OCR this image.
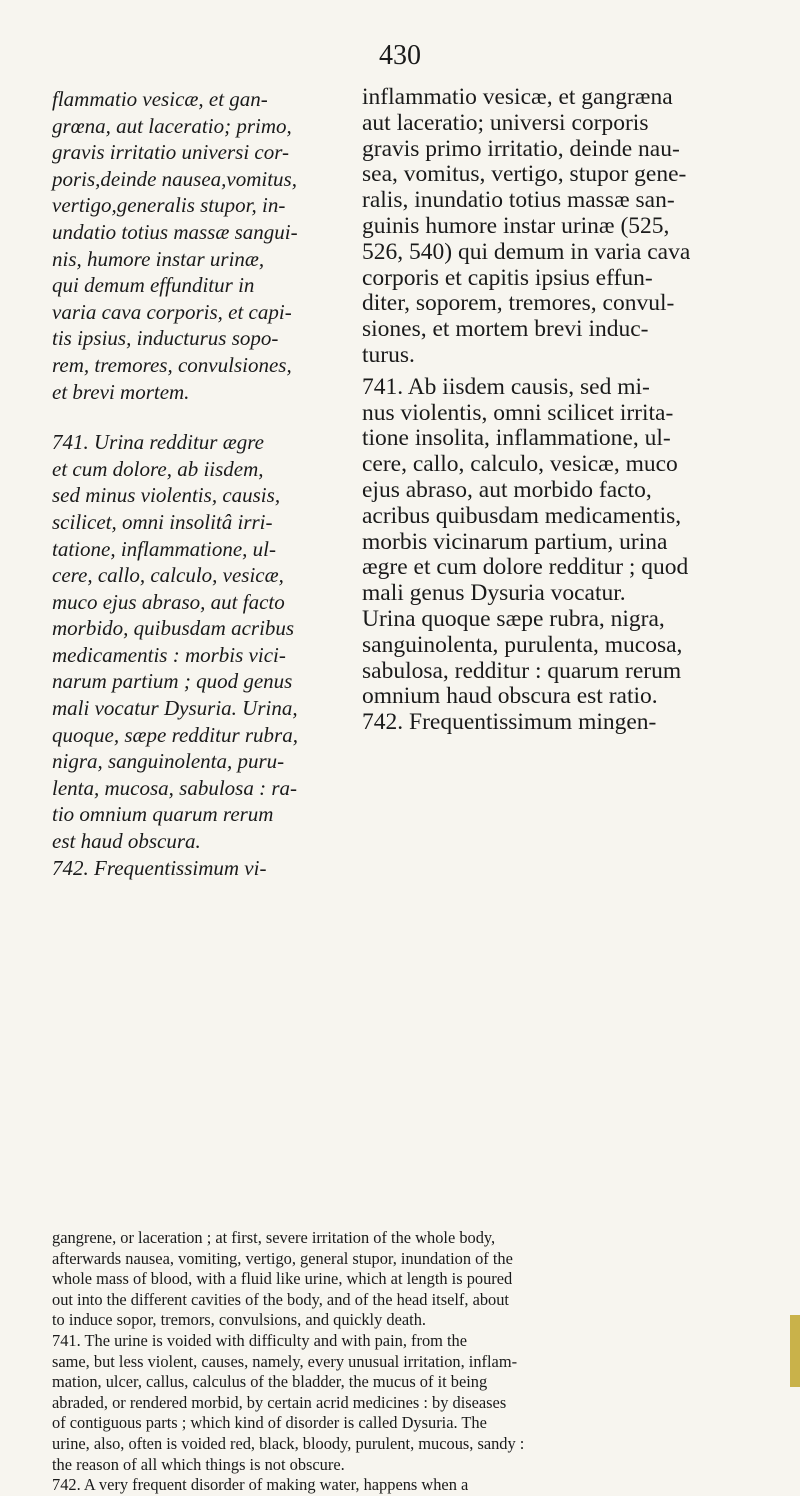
430
flammatio vesicæ, et gan-
grœna, aut laceratio; primo,
gravis irritatio universi cor-
poris,deinde nausea,vomitus,
vertigo,generalis stupor, in-
undatio totius massæ sangui-
nis, humore instar urinæ,
qui demum effunditur in
varia cava corporis, et capi-
tis ipsius, inducturus sopo-
rem, tremores, convulsiones,
et brevi mortem.
741. Urina redditur ægre
et cum dolore, ab iisdem,
sed minus violentis, causis,
scilicet, omni insolitâ irri-
tatione, inflammatione, ul-
cere, callo, calculo, vesicæ,
muco ejus abraso, aut facto
morbido, quibusdam acribus
medicamentis : morbis vici-
narum partium ; quod genus
mali vocatur Dysuria. Urina,
quoque, sæpe redditur rubra,
nigra, sanguinolenta, puru-
lenta, mucosa, sabulosa : ra-
tio omnium quarum rerum
est haud obscura.
742. Frequentissimum vi-
inflammatio vesicæ, et gangræna
aut laceratio; universi corporis
gravis primo irritatio, deinde nau-
sea, vomitus, vertigo, stupor gene-
ralis, inundatio totius massæ san-
guinis humore instar urinæ (525,
526, 540) qui demum in varia cava
corporis et capitis ipsius effun-
diter, soporem, tremores, convul-
siones, et mortem brevi induc-
turus.
741. Ab iisdem causis, sed mi-
nus violentis, omni scilicet irrita-
tione insolita, inflammatione, ul-
cere, callo, calculo, vesicæ, muco
ejus abraso, aut morbido facto,
acribus quibusdam medicamentis,
morbis vicinarum partium, urina
ægre et cum dolore redditur ; quod
mali genus Dysuria vocatur.
Urina quoque sæpe rubra, nigra,
sanguinolenta, purulenta, mucosa,
sabulosa, redditur : quarum rerum
omnium haud obscura est ratio.
742. Frequentissimum mingen-
gangrene, or laceration ; at first, severe irritation of the whole body,
afterwards nausea, vomiting, vertigo, general stupor, inundation of the
whole mass of blood, with a fluid like urine, which at length is poured
out into the different cavities of the body, and of the head itself, about
to induce sopor, tremors, convulsions, and quickly death.
741. The urine is voided with difficulty and with pain, from the
same, but less violent, causes, namely, every unusual irritation, inflam-
mation, ulcer, callus, calculus of the bladder, the mucus of it being
abraded, or rendered morbid, by certain acrid medicines : by diseases
of contiguous parts ; which kind of disorder is called Dysuria. The
urine, also, often is voided red, black, bloody, purulent, mucous, sandy :
the reason of all which things is not obscure.
742. A very frequent disorder of making water, happens when a
